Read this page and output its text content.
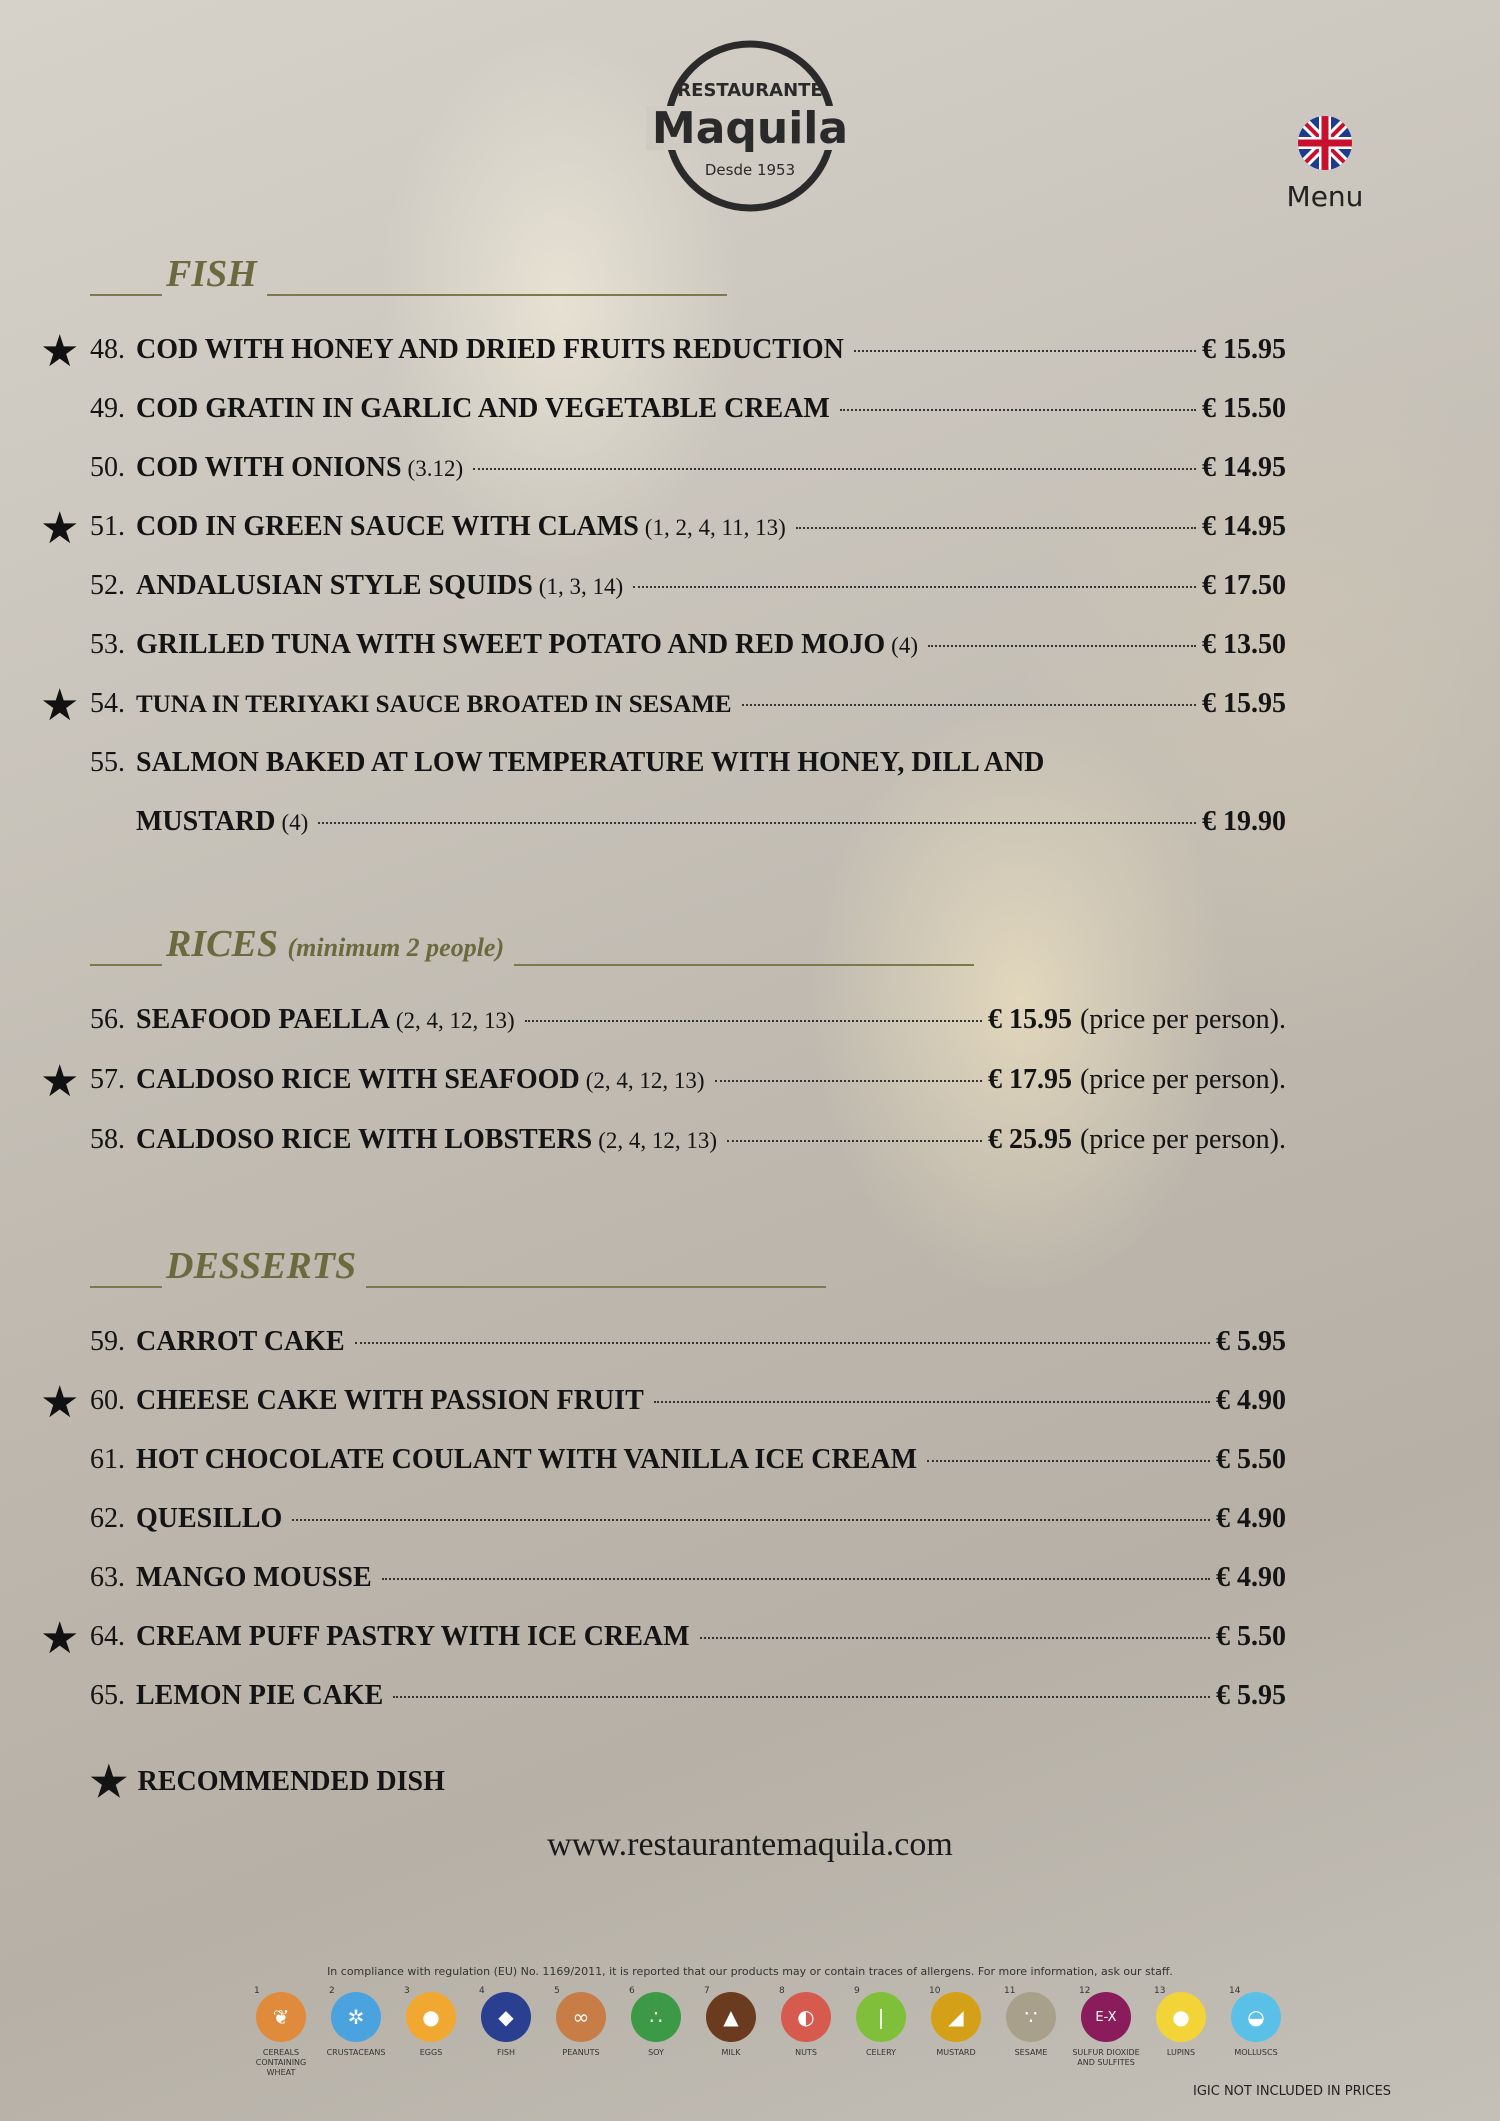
RESTAURANTE
Maquila
Desde 1953
Menu
FISH
★ 48. COD WITH HONEY AND DRIED FRUITS REDUCTION	€ 15.95
49. COD GRATIN IN GARLIC AND VEGETABLE CREAM	€ 15.50
50. COD WITH ONIONS (3.12)	€ 14.95
★ 51. COD IN GREEN SAUCE WITH CLAMS (1, 2, 4, 11, 13)	€ 14.95
52. ANDALUSIAN STYLE SQUIDS (1, 3, 14)	€ 17.50
53. GRILLED TUNA WITH SWEET POTATO AND RED MOJO (4)	€ 13.50
★ 54. TUNA IN TERIYAKI SAUCE BROATED IN SESAME	€ 15.95
55. SALMON BAKED AT LOW TEMPERATURE WITH HONEY, DILL AND
MUSTARD (4)	€ 19.90
RICES (minimum 2 people)
56. SEAFOOD PAELLA (2, 4, 12, 13)	€ 15.95 (price per person).
★ 57. CALDOSO RICE WITH SEAFOOD (2, 4, 12, 13)	€ 17.95 (price per person).
58. CALDOSO RICE WITH LOBSTERS (2, 4, 12, 13)	€ 25.95 (price per person).
DESSERTS
59. CARROT CAKE	€ 5.95
★ 60. CHEESE CAKE WITH PASSION FRUIT	€ 4.90
61. HOT CHOCOLATE COULANT WITH VANILLA ICE CREAM	€ 5.50
62. QUESILLO	€ 4.90
63. MANGO MOUSSE	€ 4.90
★ 64. CREAM PUFF PASTRY WITH ICE CREAM	€ 5.50
65. LEMON PIE CAKE	€ 5.95
★ RECOMMENDED DISH
www.restaurantemaquila.com
In compliance with regulation (EU) No. 1169/2011, it is reported that our products may or contain traces of allergens. For more information, ask our staff.
1
❦
CEREALS CONTAINING WHEAT
2
✲
CRUSTACEANS
3
●
EGGS
4
◆
FISH
5
∞
PEANUTS
6
∴
SOY
7
▲
MILK
8
◐
NUTS
9
❘
CELERY
10
◢
MUSTARD
11
∵
SESAME
12
E-X
SULFUR DIOXIDE AND SULFITES
13
●
LUPINS
14
◒
MOLLUSCS
IGIC NOT INCLUDED IN PRICES
